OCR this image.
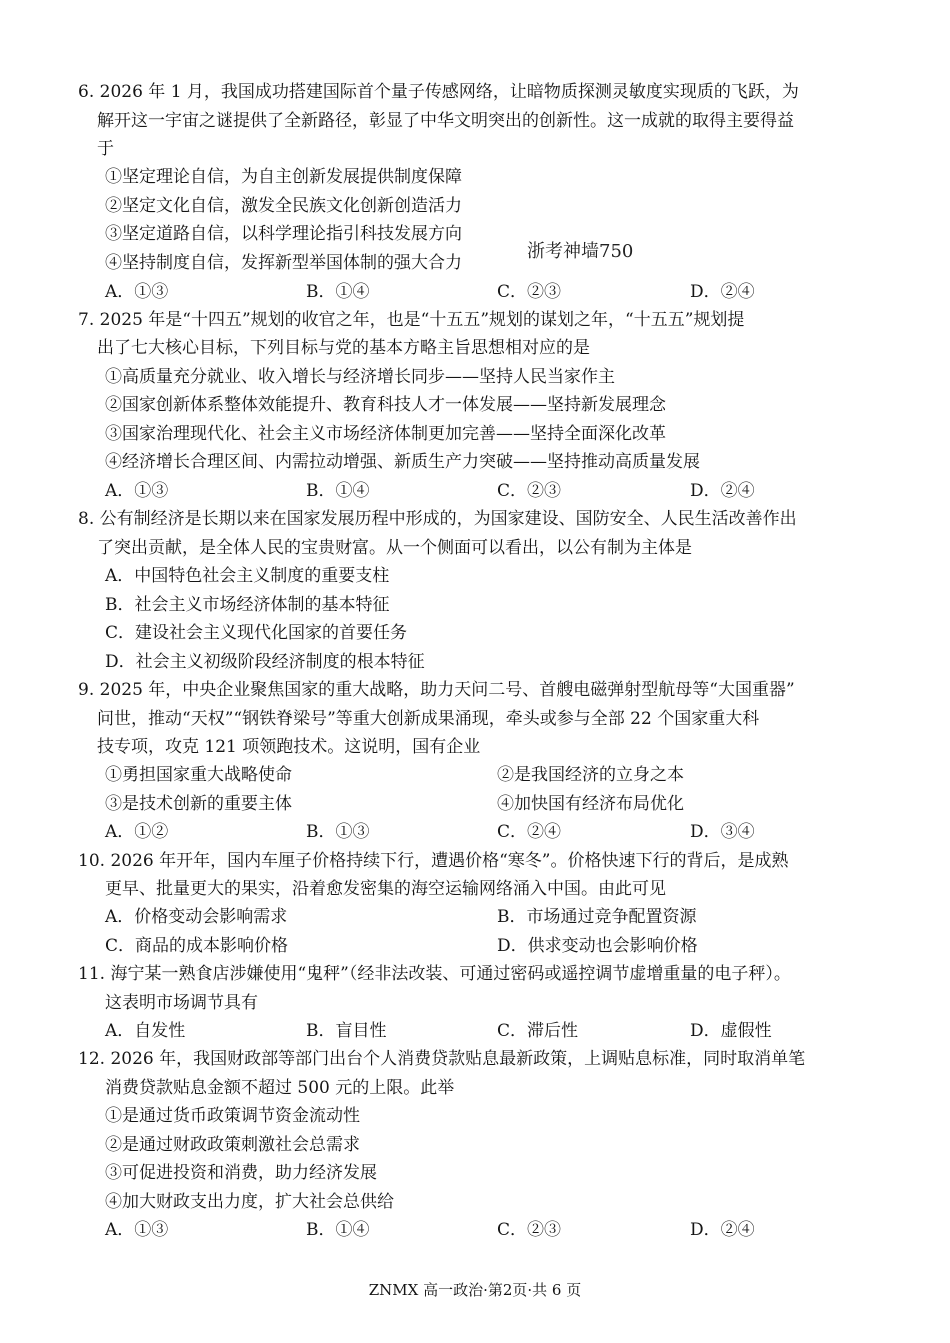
6. 2026 年 1 月，我国成功搭建国际首个量子传感网络，让暗物质探测灵敏度实现质的飞跃，为
解开这一宇宙之谜提供了全新路径，彰显了中华文明突出的创新性。这一成就的取得主要得益
于
①坚定理论自信，为自主创新发展提供制度保障
②坚定文化自信，激发全民族文化创新创造活力
③坚定道路自信，以科学理论指引科技发展方向
④坚持制度自信，发挥新型举国体制的强大合力
A．①③	B．①④	C．②③	D．②④
浙考神墙750
7. 2025 年是“十四五”规划的收官之年，也是“十五五”规划的谋划之年，“十五五”规划提
出了七大核心目标，下列目标与党的基本方略主旨思想相对应的是
①高质量充分就业、收入增长与经济增长同步——坚持人民当家作主
②国家创新体系整体效能提升、教育科技人才一体发展——坚持新发展理念
③国家治理现代化、社会主义市场经济体制更加完善——坚持全面深化改革
④经济增长合理区间、内需拉动增强、新质生产力突破——坚持推动高质量发展
A．①③	B．①④	C．②③	D．②④
8. 公有制经济是长期以来在国家发展历程中形成的，为国家建设、国防安全、人民生活改善作出
了突出贡献，是全体人民的宝贵财富。从一个侧面可以看出，以公有制为主体是
A．中国特色社会主义制度的重要支柱
B．社会主义市场经济体制的基本特征
C．建设社会主义现代化国家的首要任务
D．社会主义初级阶段经济制度的根本特征
9. 2025 年，中央企业聚焦国家的重大战略，助力天问二号、首艘电磁弹射型航母等“大国重器”
问世，推动“天权”“钢铁脊梁号”等重大创新成果涌现，牵头或参与全部 22 个国家重大科
技专项，攻克 121 项领跑技术。这说明，国有企业
①勇担国家重大战略使命	②是我国经济的立身之本
③是技术创新的重要主体	④加快国有经济布局优化
A．①②	B．①③	C．②④	D．③④
10. 2026 年开年，国内车厘子价格持续下行，遭遇价格“寒冬”。价格快速下行的背后，是成熟
更早、批量更大的果实，沿着愈发密集的海空运输网络涌入中国。由此可见
A．价格变动会影响需求	B．市场通过竞争配置资源
C．商品的成本影响价格	D．供求变动也会影响价格
11. 海宁某一熟食店涉嫌使用“鬼秤”（经非法改装、可通过密码或遥控调节虚增重量的电子秤）。
这表明市场调节具有
A．自发性	B．盲目性	C．滞后性	D．虚假性
12. 2026 年，我国财政部等部门出台个人消费贷款贴息最新政策，上调贴息标准，同时取消单笔
消费贷款贴息金额不超过 500 元的上限。此举
①是通过货币政策调节资金流动性
②是通过财政政策刺激社会总需求
③可促进投资和消费，助力经济发展
④加大财政支出力度，扩大社会总供给
A．①③	B．①④	C．②③	D．②④
ZNMX 高一政治·第2页·共 6 页
